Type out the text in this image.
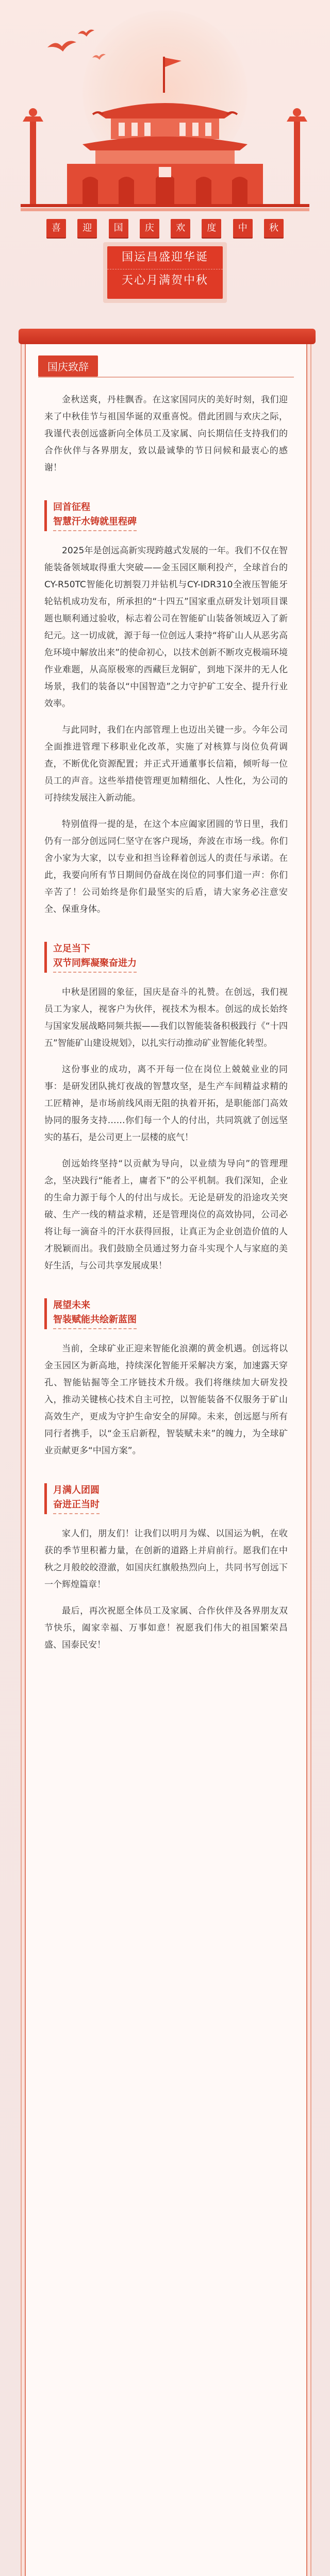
喜	迎	国	庆	欢	度	中	秋
国运昌盛迎华诞
天心月满贺中秋
国庆致辞

金秋送爽，丹桂飘香。在这家国同庆的美好时刻，我们迎来了中秋佳节与祖国华诞的双重喜悦。借此团圆与欢庆之际，我谨代表创远盛新向全体员工及家属、向长期信任支持我们的合作伙伴与各界朋友，致以最诚挚的节日问候和最衷心的感谢！

回首征程
智慧汗水铸就里程碑

2025年是创远高新实现跨越式发展的一年。我们不仅在智能装备领域取得重大突破——金玉园区顺利投产，全球首台的CY-R50TC智能化切割裂刀并钻机与CY-IDR310全液压智能牙轮钻机成功发布，所承担的“十四五”国家重点研发计划项目课题也顺利通过验收，标志着公司在智能矿山装备领域迈入了新纪元。这一切成就，源于每一位创远人秉持“将矿山人从恶劣高危环境中解放出来”的使命初心，以技术创新不断攻克极端环境作业难题，从高原极寒的西藏巨龙铜矿，到地下深井的无人化场景，我们的装备以“中国智造”之力守护矿工安全、提升行业效率。

与此同时，我们在内部管理上也迈出关键一步。今年公司全面推进管理下移职业化改革，实施了对核算与岗位负荷调查，不断优化资源配置；并正式开通董事长信箱，倾听每一位员工的声音。这些举措使管理更加精细化、人性化，为公司的可持续发展注入新动能。

特别值得一提的是，在这个本应阖家团圆的节日里，我们仍有一部分创远同仁坚守在客户现场，奔波在市场一线。你们舍小家为大家，以专业和担当诠释着创远人的责任与承诺。在此，我要向所有节日期间仍奋战在岗位的同事们道一声：你们辛苦了！公司始终是你们最坚实的后盾，请大家务必注意安全、保重身体。

立足当下
双节同辉凝聚奋进力

中秋是团圆的象征，国庆是奋斗的礼赞。在创远，我们视员工为家人，视客户为伙伴，视技术为根本。创远的成长始终与国家发展战略同频共振——我们以智能装备积极践行《“十四五”智能矿山建设规划》，以扎实行动推动矿业智能化转型。

这份事业的成功，离不开每一位在岗位上兢兢业业的同事：是研发团队挑灯夜战的智慧攻坚，是生产车间精益求精的工匠精神，是市场前线风雨无阻的执着开拓，是职能部门高效协同的服务支持……你们每一个人的付出，共同筑就了创远坚实的基石，是公司更上一层楼的底气！

创远始终坚持“以贡献为导向，以业绩为导向”的管理理念，坚决践行“能者上，庸者下”的公平机制。我们深知，企业的生命力源于每个人的付出与成长。无论是研发的沿途攻关突破、生产一线的精益求精，还是管理岗位的高效协同，公司必将让每一滴奋斗的汗水获得回报，让真正为企业创造价值的人才脱颖而出。我们鼓励全员通过努力奋斗实现个人与家庭的美好生活，与公司共享发展成果！

展望未来
智装赋能共绘新蓝图

当前，全球矿业正迎来智能化浪潮的黄金机遇。创远将以金玉园区为新高地，持续深化智能开采解决方案，加速露天穿孔、智能钻掘等全工序链技术升级。我们将继续加大研发投入，推动关键核心技术自主可控，以智能装备不仅服务于矿山高效生产，更成为守护生命安全的屏障。未来，创远愿与所有同行者携手，以“金玉启新程，智装赋未来”的魄力，为全球矿业贡献更多“中国方案”。

月满人团圆
奋进正当时

家人们，朋友们！让我们以明月为媒、以国运为帆，在收获的季节里积蓄力量，在创新的道路上并肩前行。愿我们在中秋之月般皎皎澄澈，如国庆红旗般热烈向上，共同书写创远下一个辉煌篇章！

最后，再次祝愿全体员工及家属、合作伙伴及各界朋友双节快乐，阖家幸福、万事如意！祝愿我们伟大的祖国繁荣昌盛、国泰民安！
